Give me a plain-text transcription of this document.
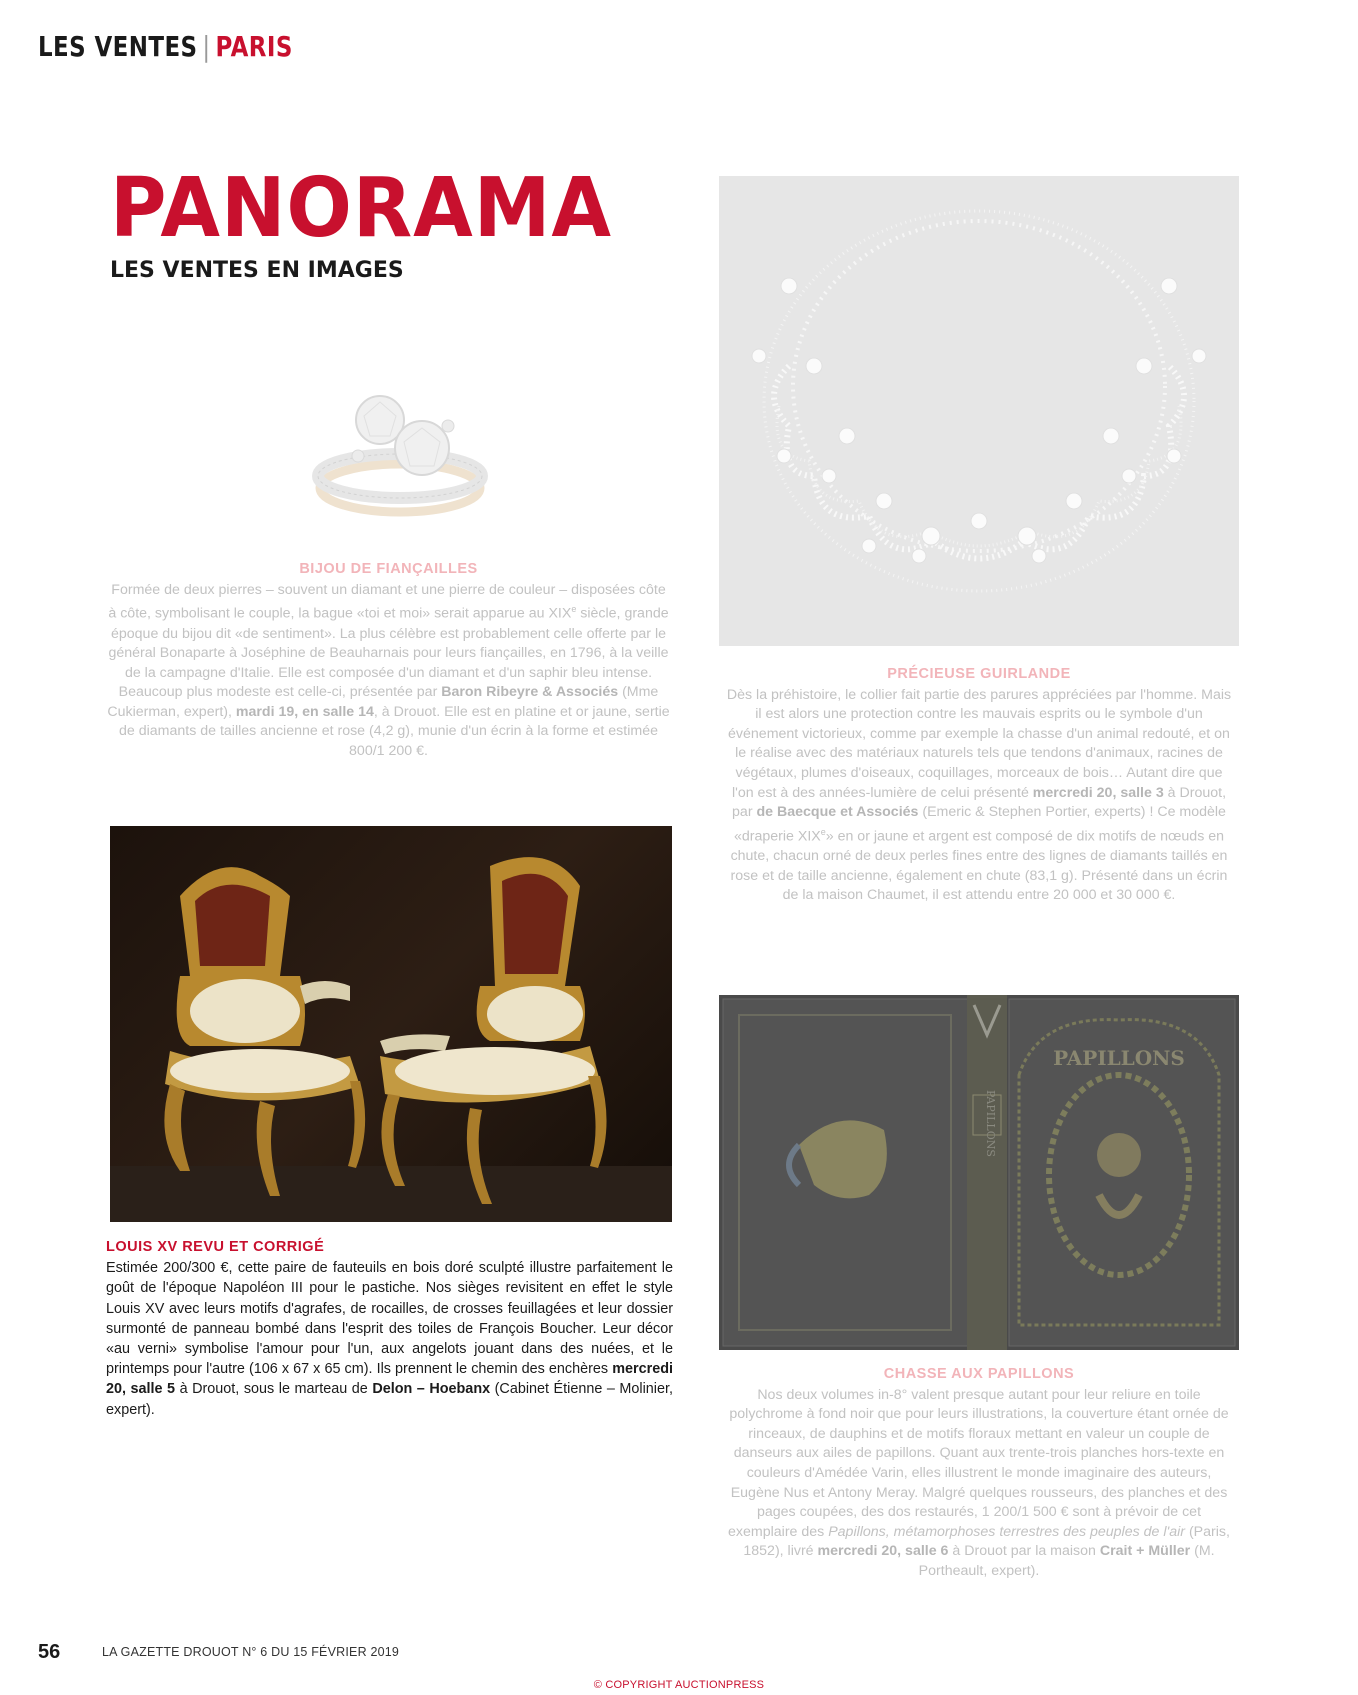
LES VENTES | PARIS
PANORAMA
LES VENTES EN IMAGES
BIJOU DE FIANÇAILLES
Formée de deux pierres – souvent un diamant et une pierre de couleur – disposées côte à côte, symbolisant le couple, la bague «toi et moi» serait apparue au XIXe siècle, grande époque du bijou dit «de sentiment». La plus célèbre est probablement celle offerte par le général Bonaparte à Joséphine de Beauharnais pour leurs fiançailles, en 1796, à la veille de la campagne d'Italie. Elle est composée d'un diamant et d'un saphir bleu intense. Beaucoup plus modeste est celle-ci, présentée par Baron Ribeyre & Associés (Mme Cukierman, expert), mardi 19, en salle 14, à Drouot. Elle est en platine et or jaune, sertie de diamants de tailles ancienne et rose (4,2 g), munie d'un écrin à la forme et estimée 800/1 200 €.
PRÉCIEUSE GUIRLANDE
Dès la préhistoire, le collier fait partie des parures appréciées par l'homme. Mais il est alors une protection contre les mauvais esprits ou le symbole d'un événement victorieux, comme par exemple la chasse d'un animal redouté, et on le réalise avec des matériaux naturels tels que tendons d'animaux, racines de végétaux, plumes d'oiseaux, coquillages, morceaux de bois… Autant dire que l'on est à des années-lumière de celui présenté mercredi 20, salle 3 à Drouot, par de Baecque et Associés (Emeric & Stephen Portier, experts) ! Ce modèle «draperie XIXe» en or jaune et argent est composé de dix motifs de nœuds en chute, chacun orné de deux perles fines entre des lignes de diamants taillés en rose et de taille ancienne, également en chute (83,1 g). Présenté dans un écrin de la maison Chaumet, il est attendu entre 20 000 et 30 000 €.
LOUIS XV REVU ET CORRIGÉ
Estimée 200/300 €, cette paire de fauteuils en bois doré sculpté illustre parfaitement le goût de l'époque Napoléon III pour le pastiche. Nos sièges revisitent en effet le style Louis XV avec leurs motifs d'agrafes, de rocailles, de crosses feuillagées et leur dossier surmonté de panneau bombé dans l'esprit des toiles de François Boucher. Leur décor «au verni» symbolise l'amour pour l'un, aux angelots jouant dans des nuées, et le printemps pour l'autre (106 x 67 x 65 cm). Ils prennent le chemin des enchères mercredi 20, salle 5 à Drouot, sous le marteau de Delon – Hoebanx (Cabinet Étienne – Molinier, expert).
PAPILLONS
PAPILLONS
CHASSE AUX PAPILLONS
Nos deux volumes in-8° valent presque autant pour leur reliure en toile polychrome à fond noir que pour leurs illustrations, la couverture étant ornée de rinceaux, de dauphins et de motifs floraux mettant en valeur un couple de danseurs aux ailes de papillons. Quant aux trente-trois planches hors-texte en couleurs d'Amédée Varin, elles illustrent le monde imaginaire des auteurs, Eugène Nus et Antony Meray. Malgré quelques rousseurs, des planches et des pages coupées, des dos restaurés, 1 200/1 500 € sont à prévoir de cet exemplaire des Papillons, métamorphoses terrestres des peuples de l'air (Paris, 1852), livré mercredi 20, salle 6 à Drouot par la maison Crait + Müller (M. Portheault, expert).
56	LA GAZETTE DROUOT N° 6 DU 15 FÉVRIER 2019
© COPYRIGHT AUCTIONPRESS
